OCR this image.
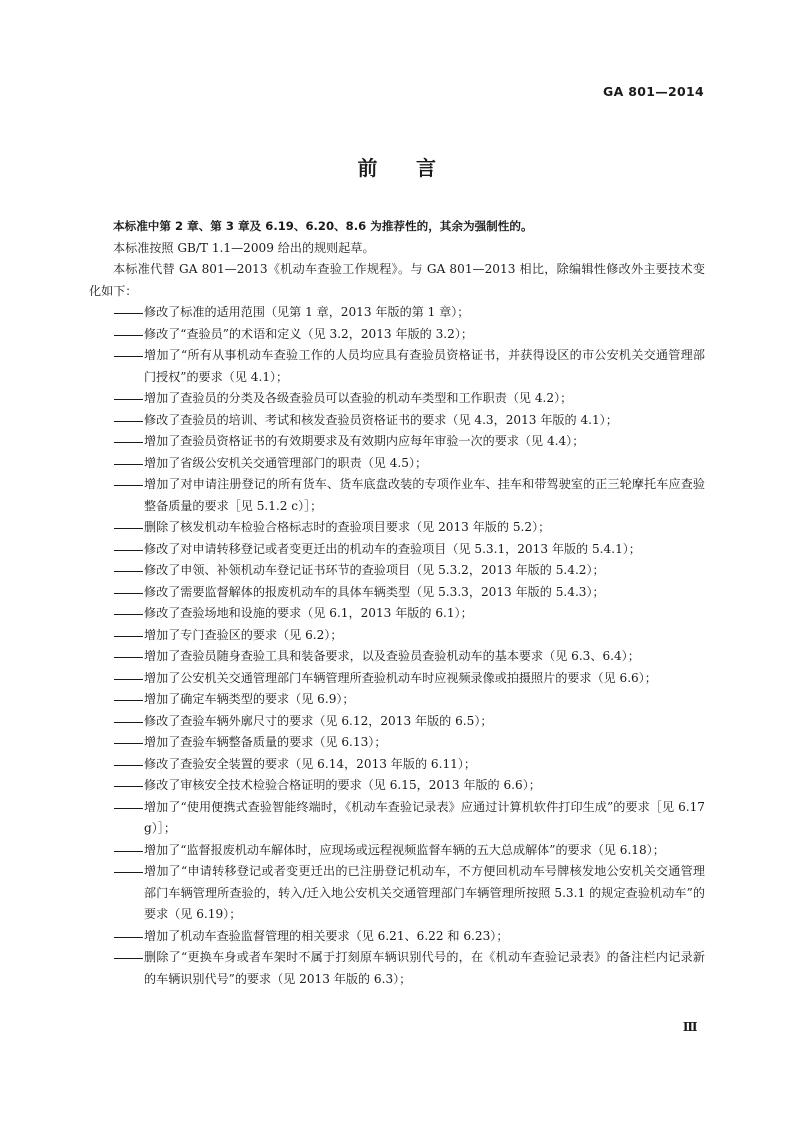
GA 801—2014
前 言

本标准中第 2 章、第 3 章及 6.19、6.20、8.6 为推荐性的，其余为强制性的。

本标准按照 GB/T 1.1—2009 给出的规则起草。

本标准代替 GA 801—2013《机动车查验工作规程》。与 GA 801—2013 相比，除编辑性修改外主要技术变化如下：

修改了标准的适用范围（见第 1 章，2013 年版的第 1 章）；
修改了“查验员”的术语和定义（见 3.2，2013 年版的 3.2）；
增加了“所有从事机动车查验工作的人员均应具有查验员资格证书，并获得设区的市公安机关交通管理部门授权”的要求（见 4.1）；
增加了查验员的分类及各级查验员可以查验的机动车类型和工作职责（见 4.2）；
修改了查验员的培训、考试和核发查验员资格证书的要求（见 4.3，2013 年版的 4.1）；
增加了查验员资格证书的有效期要求及有效期内应每年审验一次的要求（见 4.4）；
增加了省级公安机关交通管理部门的职责（见 4.5）；
增加了对申请注册登记的所有货车、货车底盘改装的专项作业车、挂车和带驾驶室的正三轮摩托车应查验整备质量的要求［见 5.1.2 c）］；
删除了核发机动车检验合格标志时的查验项目要求（见 2013 年版的 5.2）；
修改了对申请转移登记或者变更迁出的机动车的查验项目（见 5.3.1，2013 年版的 5.4.1）；
修改了申领、补领机动车登记证书环节的查验项目（见 5.3.2，2013 年版的 5.4.2）；
修改了需要监督解体的报废机动车的具体车辆类型（见 5.3.3，2013 年版的 5.4.3）；
修改了查验场地和设施的要求（见 6.1，2013 年版的 6.1）；
增加了专门查验区的要求（见 6.2）；
增加了查验员随身查验工具和装备要求，以及查验员查验机动车的基本要求（见 6.3、6.4）；
增加了公安机关交通管理部门车辆管理所查验机动车时应视频录像或拍摄照片的要求（见 6.6）；
增加了确定车辆类型的要求（见 6.9）；
修改了查验车辆外廓尺寸的要求（见 6.12，2013 年版的 6.5）；
增加了查验车辆整备质量的要求（见 6.13）；
修改了查验安全装置的要求（见 6.14，2013 年版的 6.11）；
修改了审核安全技术检验合格证明的要求（见 6.15，2013 年版的 6.6）；
增加了“使用便携式查验智能终端时，《机动车查验记录表》应通过计算机软件打印生成”的要求［见 6.17 g）］；
增加了“监督报废机动车解体时，应现场或远程视频监督车辆的五大总成解体”的要求（见 6.18）；
增加了“申请转移登记或者变更迁出的已注册登记机动车，不方便回机动车号牌核发地公安机关交通管理部门车辆管理所查验的，转入/迁入地公安机关交通管理部门车辆管理所按照 5.3.1 的规定查验机动车”的要求（见 6.19）；
增加了机动车查验监督管理的相关要求（见 6.21、6.22 和 6.23）；
删除了“更换车身或者车架时不属于打刻原车辆识别代号的，在《机动车查验记录表》的备注栏内记录新的车辆识别代号”的要求（见 2013 年版的 6.3）；
Ⅲ
